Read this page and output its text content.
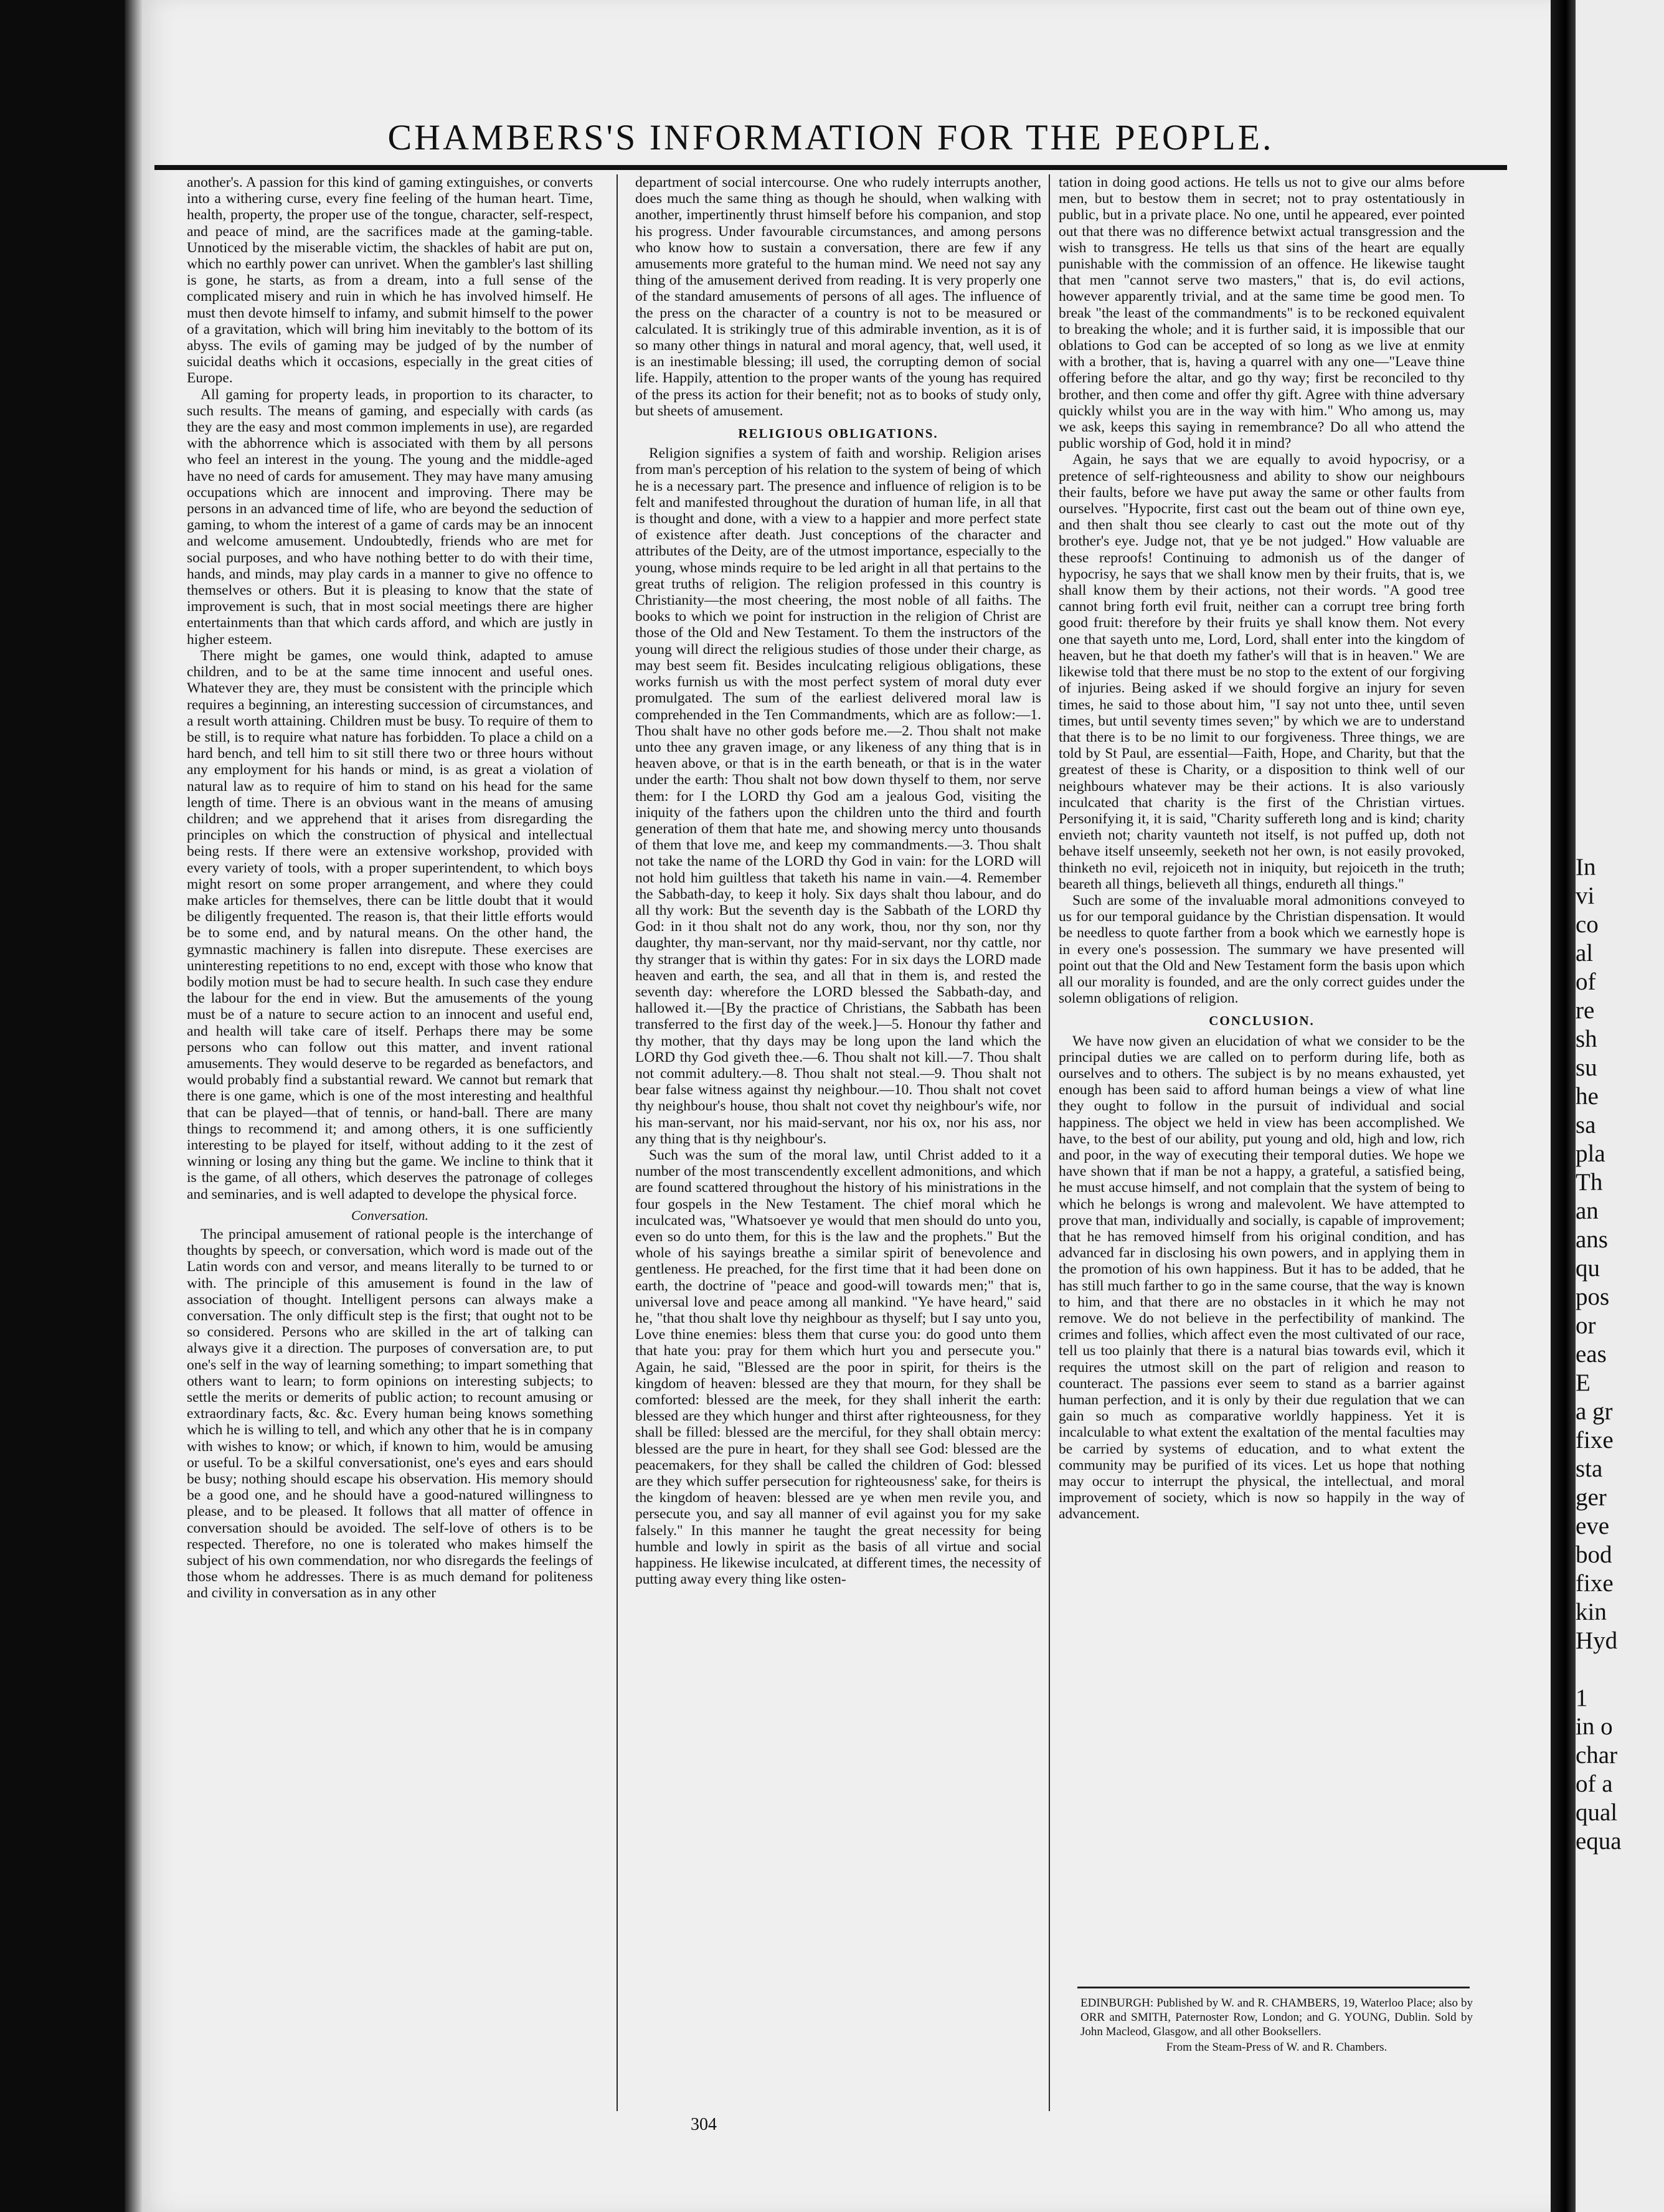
In
vi
co
al
of
re
sh
su
he
sa
pla
Th
an
ans
qu
pos
or
eas
E
a gr
fixe
sta
ger
eve
bod
fixe
kin
Hyd

1
in o
char
of a
qual
equa
CHAMBERS'S INFORMATION FOR THE PEOPLE.

another's. A passion for this kind of gaming extinguishes, or converts into a withering curse, every fine feeling of the human heart. Time, health, property, the proper use of the tongue, character, self-respect, and peace of mind, are the sacrifices made at the gaming-table. Unnoticed by the miserable victim, the shackles of habit are put on, which no earthly power can unrivet. When the gambler's last shilling is gone, he starts, as from a dream, into a full sense of the complicated misery and ruin in which he has involved himself. He must then devote himself to infamy, and submit himself to the power of a gravitation, which will bring him inevitably to the bottom of its abyss. The evils of gaming may be judged of by the number of suicidal deaths which it occasions, especially in the great cities of Europe.

All gaming for property leads, in proportion to its character, to such results. The means of gaming, and especially with cards (as they are the easy and most common implements in use), are regarded with the abhorrence which is associated with them by all persons who feel an interest in the young. The young and the middle-aged have no need of cards for amusement. They may have many amusing occupations which are innocent and improving. There may be persons in an advanced time of life, who are beyond the seduction of gaming, to whom the interest of a game of cards may be an innocent and welcome amusement. Undoubtedly, friends who are met for social purposes, and who have nothing better to do with their time, hands, and minds, may play cards in a manner to give no offence to themselves or others. But it is pleasing to know that the state of improvement is such, that in most social meetings there are higher entertainments than that which cards afford, and which are justly in higher esteem.

There might be games, one would think, adapted to amuse children, and to be at the same time innocent and useful ones. Whatever they are, they must be consistent with the principle which requires a beginning, an interesting succession of circumstances, and a result worth attaining. Children must be busy. To require of them to be still, is to require what nature has forbidden. To place a child on a hard bench, and tell him to sit still there two or three hours without any employment for his hands or mind, is as great a violation of natural law as to require of him to stand on his head for the same length of time. There is an obvious want in the means of amusing children; and we apprehend that it arises from disregarding the principles on which the construction of physical and intellectual being rests. If there were an extensive workshop, provided with every variety of tools, with a proper superintendent, to which boys might resort on some proper arrangement, and where they could make articles for themselves, there can be little doubt that it would be diligently frequented. The reason is, that their little efforts would be to some end, and by natural means. On the other hand, the gymnastic machinery is fallen into disrepute. These exercises are uninteresting repetitions to no end, except with those who know that bodily motion must be had to secure health. In such case they endure the labour for the end in view. But the amusements of the young must be of a nature to secure action to an innocent and useful end, and health will take care of itself. Perhaps there may be some persons who can follow out this matter, and invent rational amusements. They would deserve to be regarded as benefactors, and would probably find a substantial reward. We cannot but remark that there is one game, which is one of the most interesting and healthful that can be played—that of tennis, or hand-ball. There are many things to recommend it; and among others, it is one sufficiently interesting to be played for itself, without adding to it the zest of winning or losing any thing but the game. We incline to think that it is the game, of all others, which deserves the patronage of colleges and seminaries, and is well adapted to develope the physical force.

Conversation.

The principal amusement of rational people is the interchange of thoughts by speech, or conversation, which word is made out of the Latin words con and versor, and means literally to be turned to or with. The principle of this amusement is found in the law of association of thought. Intelligent persons can always make a conversation. The only difficult step is the first; that ought not to be so considered. Persons who are skilled in the art of talking can always give it a direction. The purposes of conversation are, to put one's self in the way of learning something; to impart something that others want to learn; to form opinions on interesting subjects; to settle the merits or demerits of public action; to recount amusing or extraordinary facts, &c. &c. Every human being knows something which he is willing to tell, and which any other that he is in company with wishes to know; or which, if known to him, would be amusing or useful. To be a skilful conversationist, one's eyes and ears should be busy; nothing should escape his observation. His memory should be a good one, and he should have a good-natured willingness to please, and to be pleased. It follows that all matter of offence in conversation should be avoided. The self-love of others is to be respected. Therefore, no one is tolerated who makes himself the subject of his own commendation, nor who disregards the feelings of those whom he addresses. There is as much demand for politeness and civility in conversation as in any other

department of social intercourse. One who rudely interrupts another, does much the same thing as though he should, when walking with another, impertinently thrust himself before his companion, and stop his progress. Under favourable circumstances, and among persons who know how to sustain a conversation, there are few if any amusements more grateful to the human mind. We need not say any thing of the amusement derived from reading. It is very properly one of the standard amusements of persons of all ages. The influence of the press on the character of a country is not to be measured or calculated. It is strikingly true of this admirable invention, as it is of so many other things in natural and moral agency, that, well used, it is an inestimable blessing; ill used, the corrupting demon of social life. Happily, attention to the proper wants of the young has required of the press its action for their benefit; not as to books of study only, but sheets of amusement.

RELIGIOUS OBLIGATIONS.

Religion signifies a system of faith and worship. Religion arises from man's perception of his relation to the system of being of which he is a necessary part. The presence and influence of religion is to be felt and manifested throughout the duration of human life, in all that is thought and done, with a view to a happier and more perfect state of existence after death. Just conceptions of the character and attributes of the Deity, are of the utmost importance, especially to the young, whose minds require to be led aright in all that pertains to the great truths of religion. The religion professed in this country is Christianity—the most cheering, the most noble of all faiths. The books to which we point for instruction in the religion of Christ are those of the Old and New Testament. To them the instructors of the young will direct the religious studies of those under their charge, as may best seem fit. Besides inculcating religious obligations, these works furnish us with the most perfect system of moral duty ever promulgated. The sum of the earliest delivered moral law is comprehended in the Ten Commandments, which are as follow:—1. Thou shalt have no other gods before me.—2. Thou shalt not make unto thee any graven image, or any likeness of any thing that is in heaven above, or that is in the earth beneath, or that is in the water under the earth: Thou shalt not bow down thyself to them, nor serve them: for I the LORD thy God am a jealous God, visiting the iniquity of the fathers upon the children unto the third and fourth generation of them that hate me, and showing mercy unto thousands of them that love me, and keep my commandments.—3. Thou shalt not take the name of the LORD thy God in vain: for the LORD will not hold him guiltless that taketh his name in vain.—4. Remember the Sabbath-day, to keep it holy. Six days shalt thou labour, and do all thy work: But the seventh day is the Sabbath of the LORD thy God: in it thou shalt not do any work, thou, nor thy son, nor thy daughter, thy man-servant, nor thy maid-servant, nor thy cattle, nor thy stranger that is within thy gates: For in six days the LORD made heaven and earth, the sea, and all that in them is, and rested the seventh day: wherefore the LORD blessed the Sabbath-day, and hallowed it.—[By the practice of Christians, the Sabbath has been transferred to the first day of the week.]—5. Honour thy father and thy mother, that thy days may be long upon the land which the LORD thy God giveth thee.—6. Thou shalt not kill.—7. Thou shalt not commit adultery.—8. Thou shalt not steal.—9. Thou shalt not bear false witness against thy neighbour.—10. Thou shalt not covet thy neighbour's house, thou shalt not covet thy neighbour's wife, nor his man-servant, nor his maid-servant, nor his ox, nor his ass, nor any thing that is thy neighbour's.

Such was the sum of the moral law, until Christ added to it a number of the most transcendently excellent admonitions, and which are found scattered throughout the history of his ministrations in the four gospels in the New Testament. The chief moral which he inculcated was, "Whatsoever ye would that men should do unto you, even so do unto them, for this is the law and the prophets." But the whole of his sayings breathe a similar spirit of benevolence and gentleness. He preached, for the first time that it had been done on earth, the doctrine of "peace and good-will towards men;" that is, universal love and peace among all mankind. "Ye have heard," said he, "that thou shalt love thy neighbour as thyself; but I say unto you, Love thine enemies: bless them that curse you: do good unto them that hate you: pray for them which hurt you and persecute you." Again, he said, "Blessed are the poor in spirit, for theirs is the kingdom of heaven: blessed are they that mourn, for they shall be comforted: blessed are the meek, for they shall inherit the earth: blessed are they which hunger and thirst after righteousness, for they shall be filled: blessed are the merciful, for they shall obtain mercy: blessed are the pure in heart, for they shall see God: blessed are the peacemakers, for they shall be called the children of God: blessed are they which suffer persecution for righteousness' sake, for theirs is the kingdom of heaven: blessed are ye when men revile you, and persecute you, and say all manner of evil against you for my sake falsely." In this manner he taught the great necessity for being humble and lowly in spirit as the basis of all virtue and social happiness. He likewise inculcated, at different times, the necessity of putting away every thing like osten-

tation in doing good actions. He tells us not to give our alms before men, but to bestow them in secret; not to pray ostentatiously in public, but in a private place. No one, until he appeared, ever pointed out that there was no difference betwixt actual transgression and the wish to transgress. He tells us that sins of the heart are equally punishable with the commission of an offence. He likewise taught that men "cannot serve two masters," that is, do evil actions, however apparently trivial, and at the same time be good men. To break "the least of the commandments" is to be reckoned equivalent to breaking the whole; and it is further said, it is impossible that our oblations to God can be accepted of so long as we live at enmity with a brother, that is, having a quarrel with any one—"Leave thine offering before the altar, and go thy way; first be reconciled to thy brother, and then come and offer thy gift. Agree with thine adversary quickly whilst you are in the way with him." Who among us, may we ask, keeps this saying in remembrance? Do all who attend the public worship of God, hold it in mind?

Again, he says that we are equally to avoid hypocrisy, or a pretence of self-righteousness and ability to show our neighbours their faults, before we have put away the same or other faults from ourselves. "Hypocrite, first cast out the beam out of thine own eye, and then shalt thou see clearly to cast out the mote out of thy brother's eye. Judge not, that ye be not judged." How valuable are these reproofs! Continuing to admonish us of the danger of hypocrisy, he says that we shall know men by their fruits, that is, we shall know them by their actions, not their words. "A good tree cannot bring forth evil fruit, neither can a corrupt tree bring forth good fruit: therefore by their fruits ye shall know them. Not every one that sayeth unto me, Lord, Lord, shall enter into the kingdom of heaven, but he that doeth my father's will that is in heaven." We are likewise told that there must be no stop to the extent of our forgiving of injuries. Being asked if we should forgive an injury for seven times, he said to those about him, "I say not unto thee, until seven times, but until seventy times seven;" by which we are to understand that there is to be no limit to our forgiveness. Three things, we are told by St Paul, are essential—Faith, Hope, and Charity, but that the greatest of these is Charity, or a disposition to think well of our neighbours whatever may be their actions. It is also variously inculcated that charity is the first of the Christian virtues. Personifying it, it is said, "Charity suffereth long and is kind; charity envieth not; charity vaunteth not itself, is not puffed up, doth not behave itself unseemly, seeketh not her own, is not easily provoked, thinketh no evil, rejoiceth not in iniquity, but rejoiceth in the truth; beareth all things, believeth all things, endureth all things."

Such are some of the invaluable moral admonitions conveyed to us for our temporal guidance by the Christian dispensation. It would be needless to quote farther from a book which we earnestly hope is in every one's possession. The summary we have presented will point out that the Old and New Testament form the basis upon which all our morality is founded, and are the only correct guides under the solemn obligations of religion.

CONCLUSION.

We have now given an elucidation of what we consider to be the principal duties we are called on to perform during life, both as ourselves and to others. The subject is by no means exhausted, yet enough has been said to afford human beings a view of what line they ought to follow in the pursuit of individual and social happiness. The object we held in view has been accomplished. We have, to the best of our ability, put young and old, high and low, rich and poor, in the way of executing their temporal duties. We hope we have shown that if man be not a happy, a grateful, a satisfied being, he must accuse himself, and not complain that the system of being to which he belongs is wrong and malevolent. We have attempted to prove that man, individually and socially, is capable of improvement; that he has removed himself from his original condition, and has advanced far in disclosing his own powers, and in applying them in the promotion of his own happiness. But it has to be added, that he has still much farther to go in the same course, that the way is known to him, and that there are no obstacles in it which he may not remove. We do not believe in the perfectibility of mankind. The crimes and follies, which affect even the most cultivated of our race, tell us too plainly that there is a natural bias towards evil, which it requires the utmost skill on the part of religion and reason to counteract. The passions ever seem to stand as a barrier against human perfection, and it is only by their due regulation that we can gain so much as comparative worldly happiness. Yet it is incalculable to what extent the exaltation of the mental faculties may be carried by systems of education, and to what extent the community may be purified of its vices. Let us hope that nothing may occur to interrupt the physical, the intellectual, and moral improvement of society, which is now so happily in the way of advancement.

EDINBURGH: Published by W. and R. CHAMBERS, 19, Waterloo Place; also by ORR and SMITH, Paternoster Row, London; and G. YOUNG, Dublin. Sold by John Macleod, Glasgow, and all other Booksellers.
From the Steam-Press of W. and R. Chambers.
304
